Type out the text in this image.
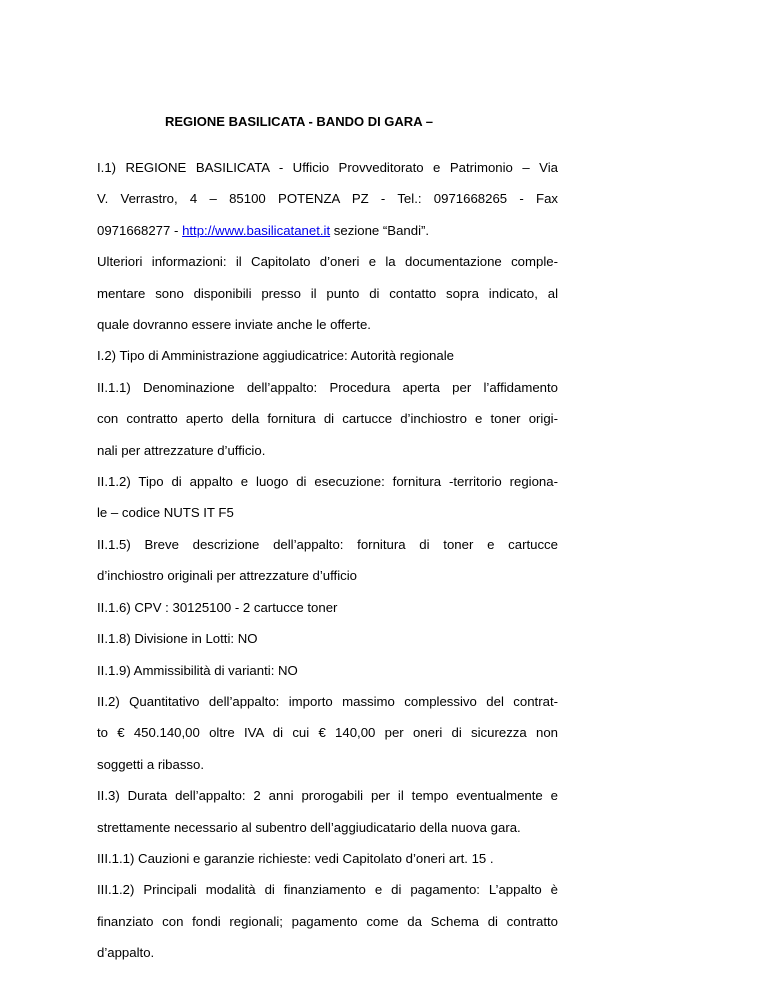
REGIONE BASILICATA - BANDO DI GARA –

I.1) REGIONE BASILICATA - Ufficio Provveditorato e Patrimonio – Via
V. Verrastro, 4 – 85100 POTENZA PZ - Tel.: 0971668265 - Fax
0971668277 - http://www.basilicatanet.it sezione “Bandi”.

Ulteriori informazioni: il Capitolato d’oneri e la documentazione comple-
mentare sono disponibili presso il punto di contatto sopra indicato, al
quale dovranno essere inviate anche le offerte.

I.2) Tipo di Amministrazione aggiudicatrice: Autorità regionale

II.1.1) Denominazione dell’appalto: Procedura aperta per l’affidamento
con contratto aperto della fornitura di cartucce d’inchiostro e toner origi-
nali per attrezzature d’ufficio.

II.1.2) Tipo di appalto e luogo di esecuzione: fornitura -territorio regiona-
le – codice NUTS IT F5

II.1.5) Breve descrizione dell’appalto: fornitura di toner e cartucce
d’inchiostro originali per attrezzature d’ufficio

II.1.6) CPV : 30125100 - 2 cartucce toner

II.1.8) Divisione in Lotti: NO

II.1.9) Ammissibilità di varianti: NO

II.2) Quantitativo dell’appalto: importo massimo complessivo del contrat-
to € 450.140,00 oltre IVA di cui € 140,00 per oneri di sicurezza non
soggetti a ribasso.

II.3) Durata dell’appalto: 2 anni prorogabili per il tempo eventualmente e
strettamente necessario al subentro dell’aggiudicatario della nuova gara.

III.1.1) Cauzioni e garanzie richieste: vedi Capitolato d’oneri art. 15 .

III.1.2) Principali modalità di finanziamento e di pagamento: L’appalto è
finanziato con fondi regionali; pagamento come da Schema di contratto
d’appalto.
